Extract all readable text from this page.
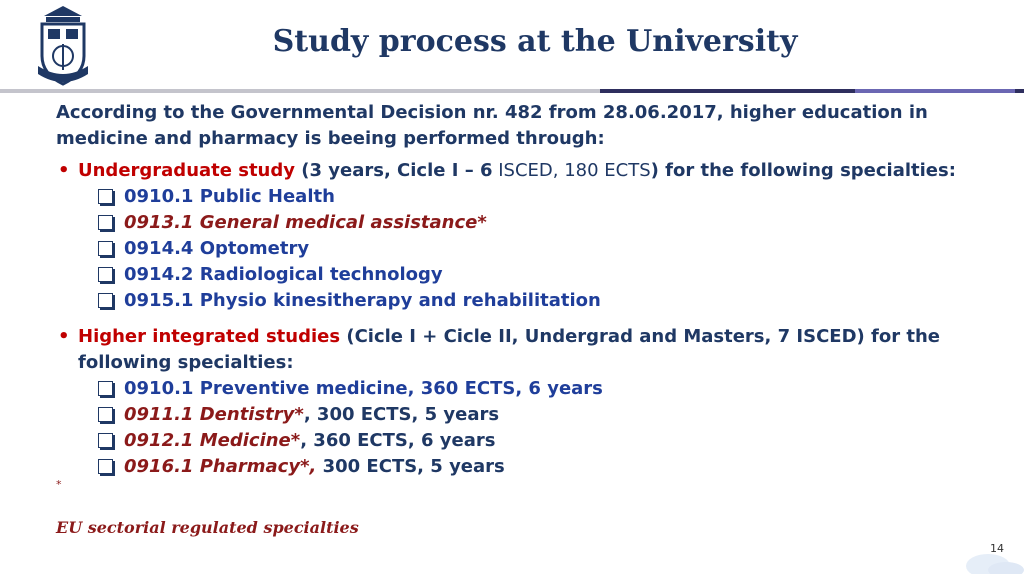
Study process at the University
According to the Governmental Decision nr. 482 from 28.06.2017, higher education in medicine and pharmacy is beeing performed through:
• Undergraduate study (3 years, Cicle I – 6 ISCED, 180 ECTS) for the following specialties:
0910.1 Public Health
0913.1 General medical assistance*
0914.4 Optometry
0914.2 Radiological technology
0915.1 Physio kinesitherapy and rehabilitation
• Higher integrated studies (Cicle I + Cicle II, Undergrad and Masters, 7 ISCED) for the following specialties:
0910.1 Preventive medicine, 360 ECTS, 6 years
0911.1 Dentistry*, 300 ECTS, 5 years
0912.1 Medicine*, 360 ECTS, 6 years
0916.1 Pharmacy*, 300 ECTS, 5 years
*
EU sectorial regulated specialties
14
